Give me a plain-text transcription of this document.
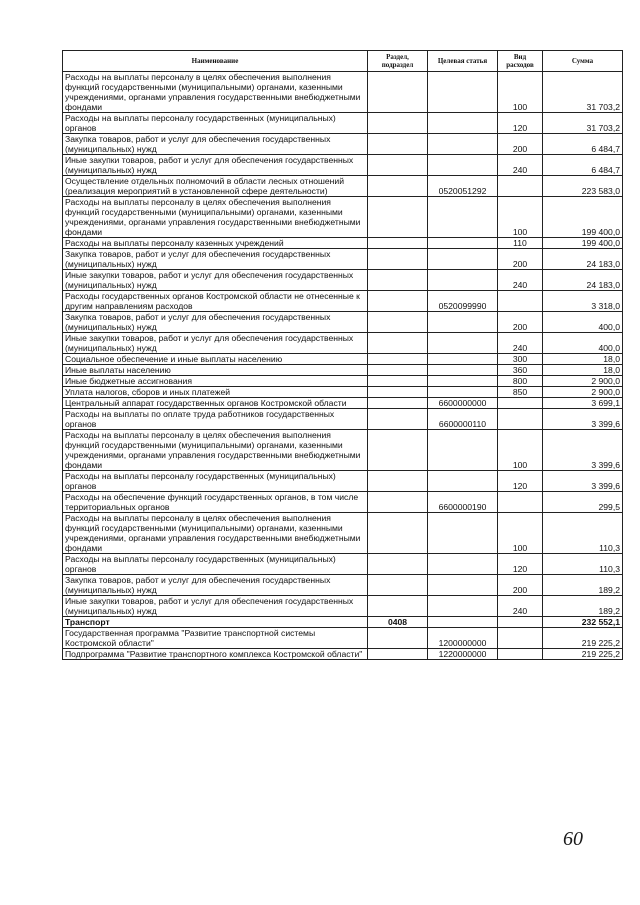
Наименование	Раздел, подраздел	Целевая статья	Вид расходов	Сумма
Расходы на выплаты персоналу в целях обеспечения выполнения функций государственными (муниципальными) органами, казенными учреждениями, органами управления государственными внебюджетными фондами			100	31 703,2
Расходы на выплаты персоналу государственных (муниципальных) органов			120	31 703,2
Закупка товаров, работ и услуг для обеспечения государственных (муниципальных) нужд			200	6 484,7
Иные закупки товаров, работ и услуг для обеспечения государственных (муниципальных) нужд			240	6 484,7
Осуществление отдельных полномочий в области лесных отношений (реализация мероприятий в установленной сфере деятельности)		0520051292		223 583,0
Расходы на выплаты персоналу в целях обеспечения выполнения функций государственными (муниципальными) органами, казенными учреждениями, органами управления государственными внебюджетными фондами			100	199 400,0
Расходы на выплаты персоналу казенных учреждений			110	199 400,0
Закупка товаров, работ и услуг для обеспечения государственных (муниципальных) нужд			200	24 183,0
Иные закупки товаров, работ и услуг для обеспечения государственных (муниципальных) нужд			240	24 183,0
Расходы государственных органов Костромской области не отнесенные к другим направлениям расходов		0520099990		3 318,0
Закупка товаров, работ и услуг для обеспечения государственных (муниципальных) нужд			200	400,0
Иные закупки товаров, работ и услуг для обеспечения государственных (муниципальных) нужд			240	400,0
Социальное обеспечение и иные выплаты населению			300	18,0
Иные выплаты населению			360	18,0
Иные бюджетные ассигнования			800	2 900,0
Уплата налогов, сборов и иных платежей			850	2 900,0
Центральный аппарат государственных органов Костромской области		6600000000		3 699,1
Расходы на выплаты по оплате труда работников государственных органов		6600000110		3 399,6
Расходы на выплаты персоналу в целях обеспечения выполнения функций государственными (муниципальными) органами, казенными учреждениями, органами управления государственными внебюджетными фондами			100	3 399,6
Расходы на выплаты персоналу государственных (муниципальных) органов			120	3 399,6
Расходы на обеспечение функций государственных органов, в том числе территориальных органов		6600000190		299,5
Расходы на выплаты персоналу в целях обеспечения выполнения функций государственными (муниципальными) органами, казенными учреждениями, органами управления государственными внебюджетными фондами			100	110,3
Расходы на выплаты персоналу государственных (муниципальных) органов			120	110,3
Закупка товаров, работ и услуг для обеспечения государственных (муниципальных) нужд			200	189,2
Иные закупки товаров, работ и услуг для обеспечения государственных (муниципальных) нужд			240	189,2
Транспорт	0408			232 552,1
Государственная программа "Развитие транспортной системы Костромской области"		1200000000		219 225,2
Подпрограмма "Развитие транспортного комплекса Костромской области"		1220000000		219 225,2
60
